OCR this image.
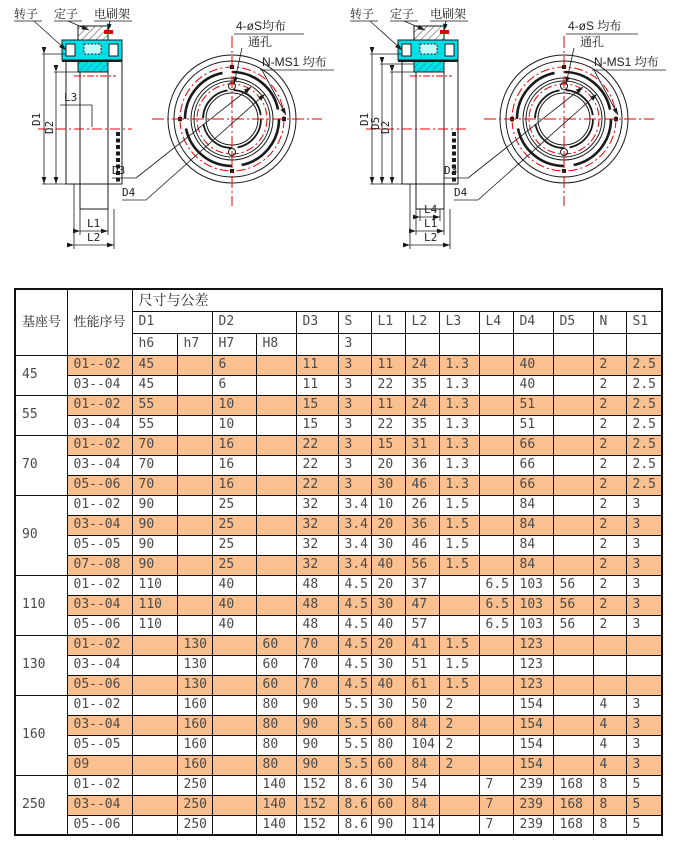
转子 定子 电刷架
D1
D2
L3
L1
L2
4-øS均布
通孔
N-MS1 均布
D3
D4
转子 定子 电刷架
D1
D5
D2
L4
L1
L2
4-øS 均布
通孔
N-MS1 均布
D3
D4
基座号	性能序号	尺寸与公差													
		D1		D2		D3	S	L1	L2	L3	L4	D4	D5	N	S1
		h6	h7	H7	H8		3								
45	01--02	45		6		11	3	11	24	1.3		40		2	2.5
	03--04	45		6		11	3	22	35	1.3		40		2	2.5
55	01--02	55		10		15	3	11	24	1.3		51		2	2.5
	03--04	55		10		15	3	22	35	1.3		51		2	2.5
70	01--02	70		16		22	3	15	31	1.3		66		2	2.5
	03--04	70		16		22	3	20	36	1.3		66		2	2.5
	05--06	70		16		22	3	30	46	1.3		66		2	2.5
90	01--02	90		25		32	3.4	10	26	1.5		84		2	3
	03--04	90		25		32	3.4	20	36	1.5		84		2	3
	05--05	90		25		32	3.4	30	46	1.5		84		2	3
	07--08	90		25		32	3.4	40	56	1.5		84		2	3
110	01--02	110		40		48	4.5	20	37		6.5	103	56	2	3
	03--04	110		40		48	4.5	30	47		6.5	103	56	2	3
	05--06	110		40		48	4.5	40	57		6.5	103	56	2	3
130	01--02		130		60	70	4.5	20	41	1.5		123			
	03--04		130		60	70	4.5	30	51	1.5		123			
	05--06		130		60	70	4.5	40	61	1.5		123			
160	01--02		160		80	90	5.5	30	50	2		154		4	3
	03--04		160		80	90	5.5	60	84	2		154		4	3
	05--05		160		80	90	5.5	80	104	2		154		4	3
	09		160		80	90	5.5	60	84	2		154		4	3
250	01--02		250		140	152	8.6	30	54		7	239	168	8	5
	03--04		250		140	152	8.6	60	84		7	239	168	8	5
	05--06		250		140	152	8.6	90	114		7	239	168	8	5
